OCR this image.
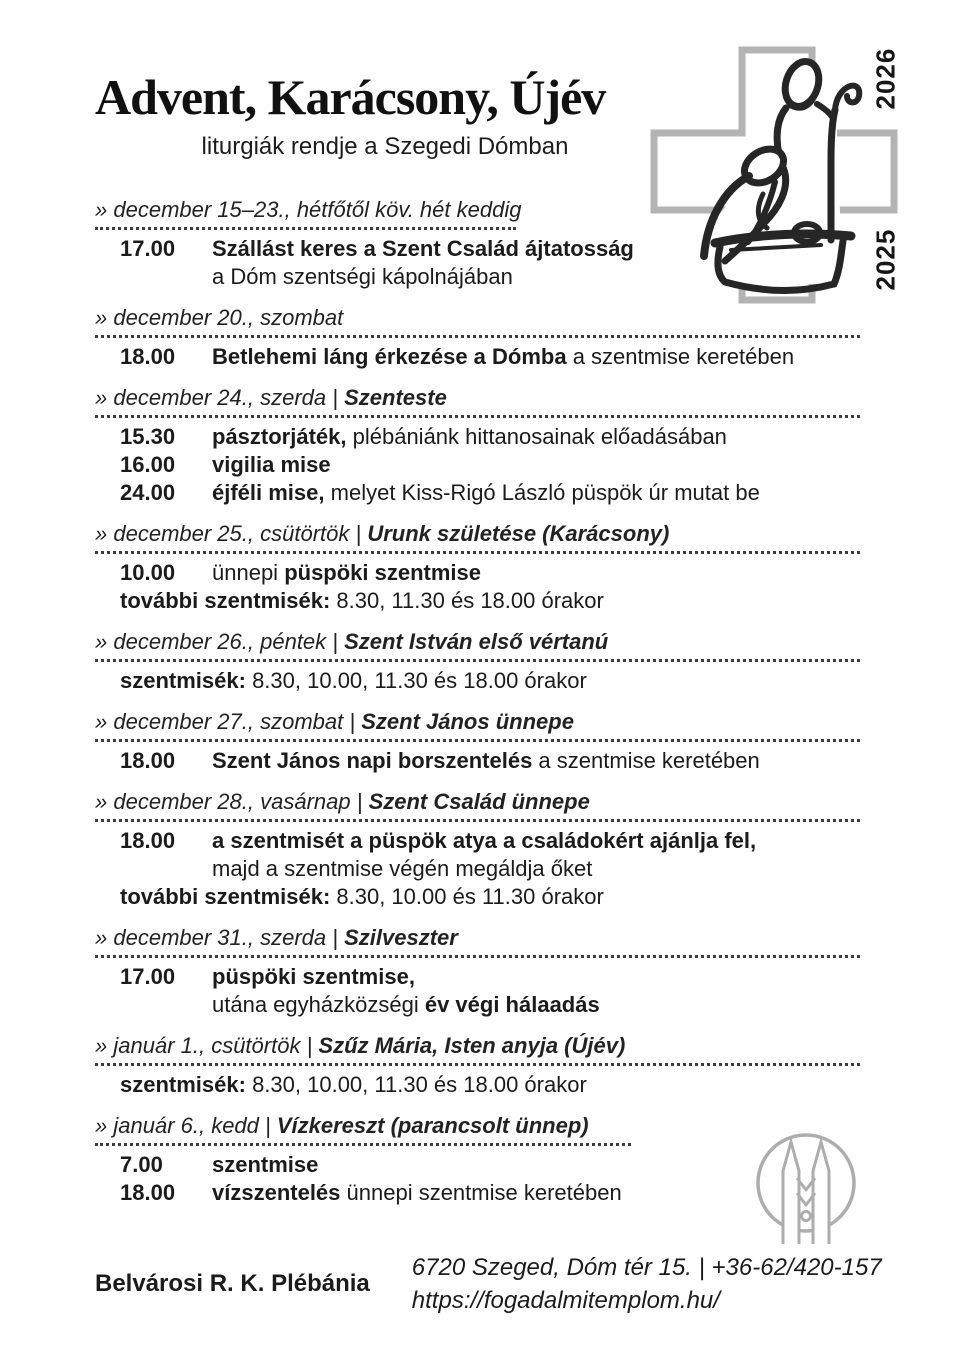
Advent, Karácsony, Újév
liturgiák rendje a Szegedi Dómban
2026
2025
» december 15–23., hétfőtől köv. hét keddig
17.00 Szállást keres a Szent Család ájtatosság
a Dóm szentségi kápolnájában
» december 20., szombat
18.00 Betlehemi láng érkezése a Dómba a szentmise keretében
» december 24., szerda | Szenteste
15.30 pásztorjáték, plébániánk hittanosainak előadásában
16.00 vigilia mise
24.00 éjféli mise, melyet Kiss-Rigó László püspök úr mutat be
» december 25., csütörtök | Urunk születése (Karácsony)
10.00 ünnepi püspöki szentmise
további szentmisék: 8.30, 11.30 és 18.00 órakor
» december 26., péntek | Szent István első vértanú
szentmisék: 8.30, 10.00, 11.30 és 18.00 órakor
» december 27., szombat | Szent János ünnepe
18.00 Szent János napi borszentelés a szentmise keretében
» december 28., vasárnap | Szent Család ünnepe
18.00 a szentmisét a püspök atya a családokért ajánlja fel,
majd a szentmise végén megáldja őket
további szentmisék: 8.30, 10.00 és 11.30 órakor
» december 31., szerda | Szilveszter
17.00 püspöki szentmise,
utána egyházközségi év végi hálaadás
» január 1., csütörtök | Szűz Mária, Isten anyja (Újév)
szentmisék: 8.30, 10.00, 11.30 és 18.00 órakor
» január 6., kedd | Vízkereszt (parancsolt ünnep)
7.00 szentmise
18.00 vízszentelés ünnepi szentmise keretében
Belvárosi R. K. Plébánia
6720 Szeged, Dóm tér 15. | +36-62/420-157
https://fogadalmitemplom.hu/
